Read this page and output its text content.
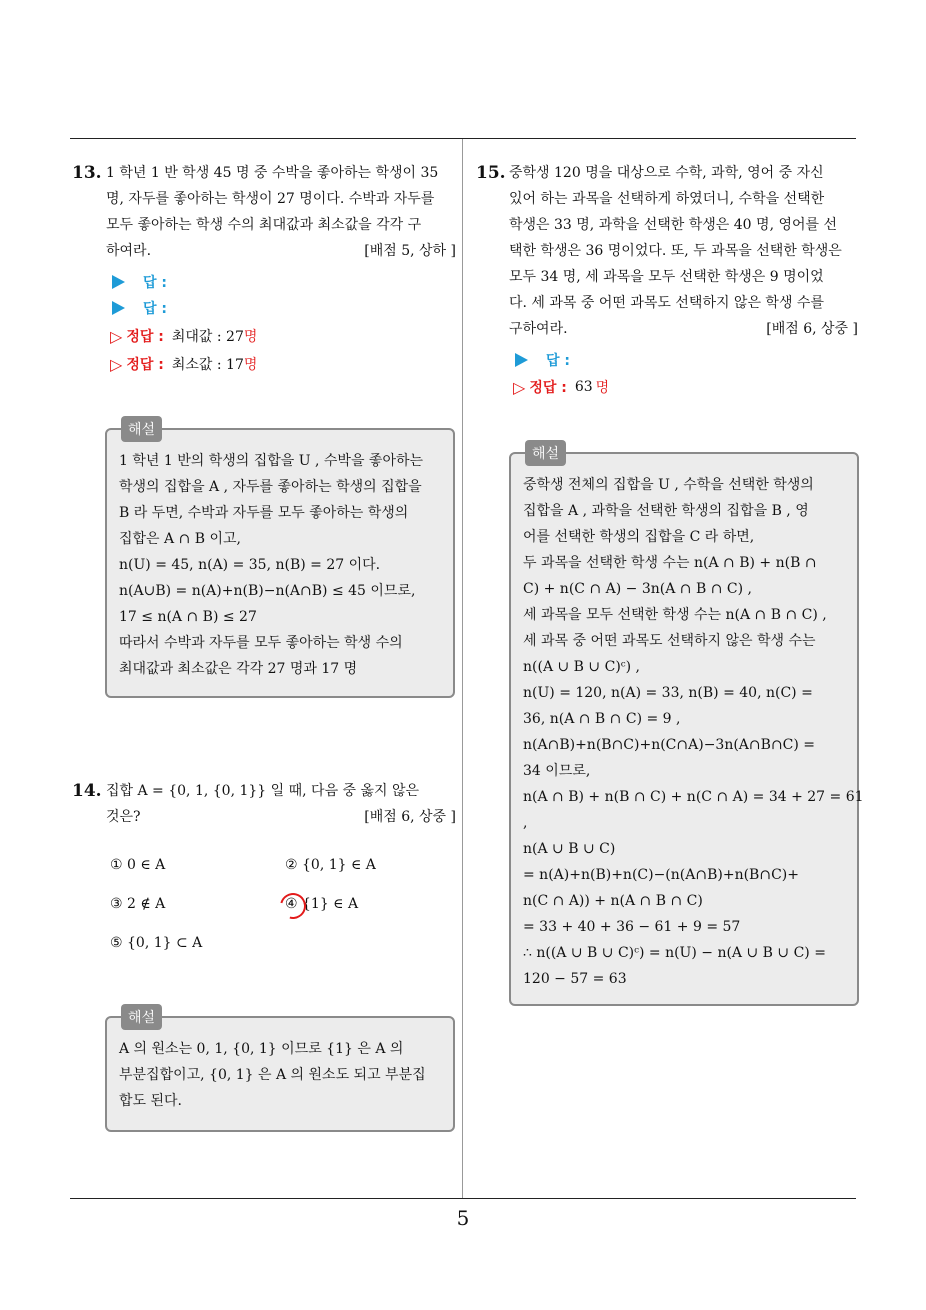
13. 1 학년 1 반 학생 45 명 중 수박을 좋아하는 학생이 35
명, 자두를 좋아하는 학생이 27 명이다. 수박과 자두를
모두 좋아하는 학생 수의 최대값과 최소값을 각각 구
하여라.	[배점 5, 상하 ]
답 :
답 :
▷ 정답 : 최대값 : 27 명
▷ 정답 : 최소값 : 17 명
해설
1 학년 1 반의 학생의 집합을 U , 수박을 좋아하는
학생의 집합을 A , 자두를 좋아하는 학생의 집합을
B 라 두면, 수박과 자두를 모두 좋아하는 학생의
집합은 A ∩ B 이고,
n(U) = 45, n(A) = 35, n(B) = 27 이다.
n(A∪B) = n(A)+n(B)−n(A∩B) ≤ 45 이므로,
17 ≤ n(A ∩ B) ≤ 27
따라서 수박과 자두를 모두 좋아하는 학생 수의
최대값과 최소값은 각각 27 명과 17 명
14. 집합 A = {0, 1, {0, 1}} 일 때, 다음 중 옳지 않은
것은?	[배점 6, 상중 ]
① 0 ∈ A	② {0, 1} ∈ A
③ 2 ∉ A	④ {1} ∈ A
⑤ {0, 1} ⊂ A
해설
A 의 원소는 0, 1, {0, 1} 이므로 {1} 은 A 의
부분집합이고, {0, 1} 은 A 의 원소도 되고 부분집
합도 된다.
15. 중학생 120 명을 대상으로 수학, 과학, 영어 중 자신
있어 하는 과목을 선택하게 하였더니, 수학을 선택한
학생은 33 명, 과학을 선택한 학생은 40 명, 영어를 선
택한 학생은 36 명이었다. 또, 두 과목을 선택한 학생은
모두 34 명, 세 과목을 모두 선택한 학생은 9 명이었
다. 세 과목 중 어떤 과목도 선택하지 않은 학생 수를
구하여라.	[배점 6, 상중 ]
답 :
▷ 정답 : 63 명
해설
중학생 전체의 집합을 U , 수학을 선택한 학생의
집합을 A , 과학을 선택한 학생의 집합을 B , 영
어를 선택한 학생의 집합을 C 라 하면,
두 과목을 선택한 학생 수는 n(A ∩ B) + n(B ∩
C) + n(C ∩ A) − 3n(A ∩ B ∩ C) ,
세 과목을 모두 선택한 학생 수는 n(A ∩ B ∩ C) ,
세 과목 중 어떤 과목도 선택하지 않은 학생 수는
n((A ∪ B ∪ C)ᶜ) ,
n(U) = 120, n(A) = 33, n(B) = 40, n(C) =
36, n(A ∩ B ∩ C) = 9 ,
n(A∩B)+n(B∩C)+n(C∩A)−3n(A∩B∩C) =
34 이므로,
n(A ∩ B) + n(B ∩ C) + n(C ∩ A) = 34 + 27 = 61
,
n(A ∪ B ∪ C)
= n(A)+n(B)+n(C)−(n(A∩B)+n(B∩C)+
n(C ∩ A)) + n(A ∩ B ∩ C)
= 33 + 40 + 36 − 61 + 9 = 57
∴ n((A ∪ B ∪ C)ᶜ) = n(U) − n(A ∪ B ∪ C) =
120 − 57 = 63
5
